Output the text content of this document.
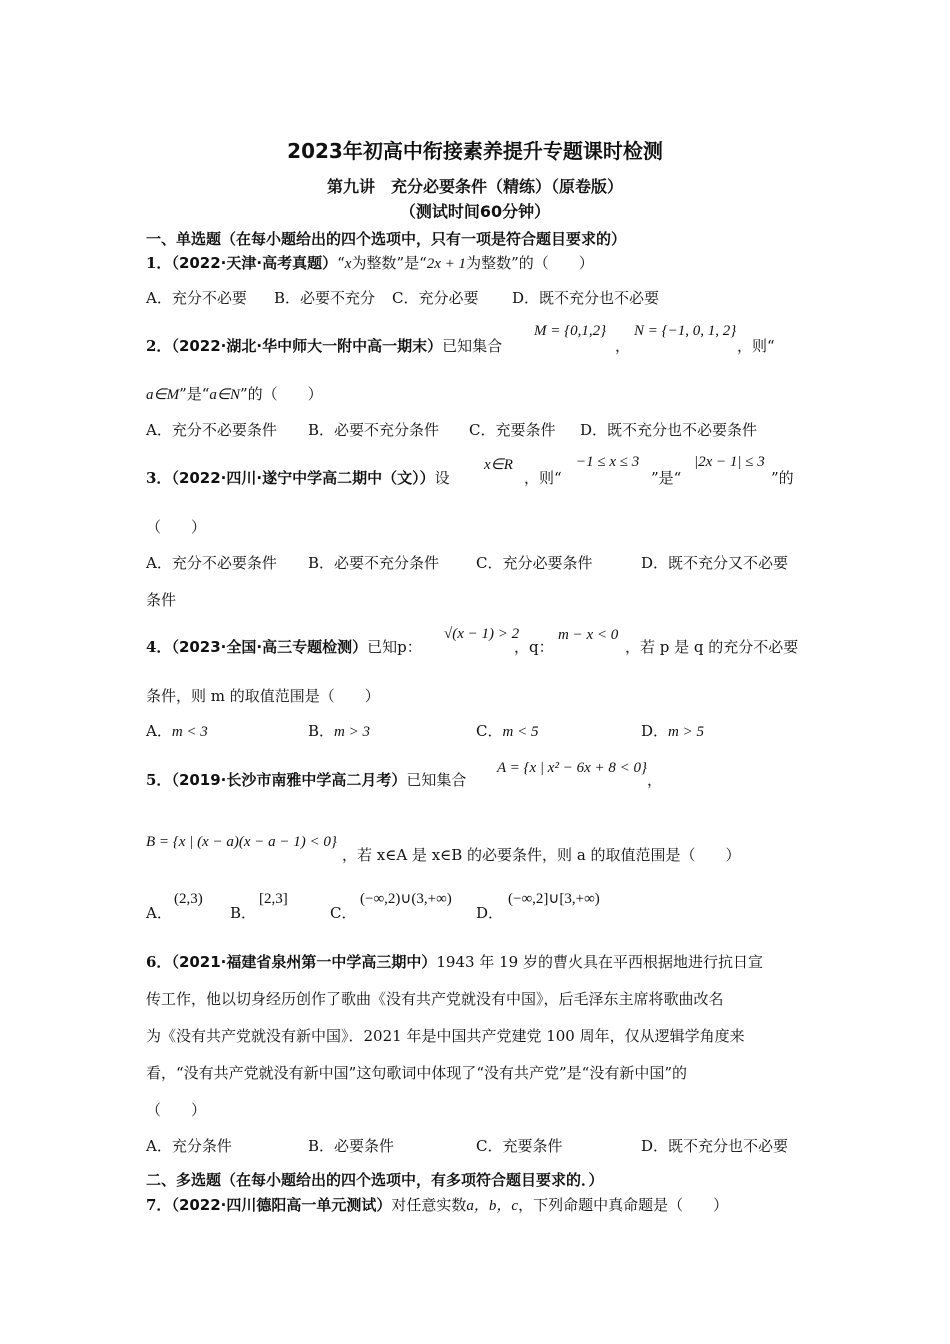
2023年初高中衔接素养提升专题课时检测
第九讲　充分必要条件（精练）（原卷版）
（测试时间60分钟）
一、单选题（在每小题给出的四个选项中，只有一项是符合题目要求的）
1．（2022·天津·高考真题）“x为整数”是“2x + 1为整数”的（　　）
A．充分不必要 B．必要不充分 C．充分必要 D．既不充分也不必要
2．（2022·湖北·华中师大一附中高一期末）已知集合
M = {0,1,2}
，
N = {−1, 0, 1, 2}
，则“
a∈M”是“a∈N”的（　　）
A．充分不必要条件 B．必要不充分条件 C．充要条件 D．既不充分也不必要条件
3．（2022·四川·遂宁中学高二期中（文））设
x∈R
，则“
−1 ≤ x ≤ 3
”是“
|2x − 1| ≤ 3
”的
（　　）
A．充分不必要条件 B．必要不充分条件 C．充分必要条件	D．既不充分又不必要
条件
4．（2023·全国·高三专题检测）已知p：
√(x − 1) > 2
，q：
m − x < 0
，若 p 是 q 的充分不必要
条件，则 m 的取值范围是（　　）
A．m < 3	B．m > 3	C．m < 5	D．m > 5
5．（2019·长沙市南雅中学高二月考）已知集合
A = {x | x² − 6x + 8 < 0}
，
B = {x | (x − a)(x − a − 1) < 0}
，若 x∈A 是 x∈B 的必要条件，则 a 的取值范围是（　　）
A．
(2,3)
B．
[2,3]
C．
(−∞,2)∪(3,+∞)
D．
(−∞,2]∪[3,+∞)
6．（2021·福建省泉州第一中学高三期中）1943 年 19 岁的曹火具在平西根据地进行抗日宣
传工作，他以切身经历创作了歌曲《没有共产党就没有中国》，后毛泽东主席将歌曲改名
为《没有共产党就没有新中国》．2021 年是中国共产党建党 100 周年，仅从逻辑学角度来
看，“没有共产党就没有新中国”这句歌词中体现了“没有共产党”是“没有新中国”的
（　　）
A．充分条件	B．必要条件	C．充要条件	D．既不充分也不必要
二、多选题（在每小题给出的四个选项中，有多项符合题目要求的．）
7．（2022·四川德阳高一单元测试）对任意实数a，b，c，下列命题中真命题是（　　）
